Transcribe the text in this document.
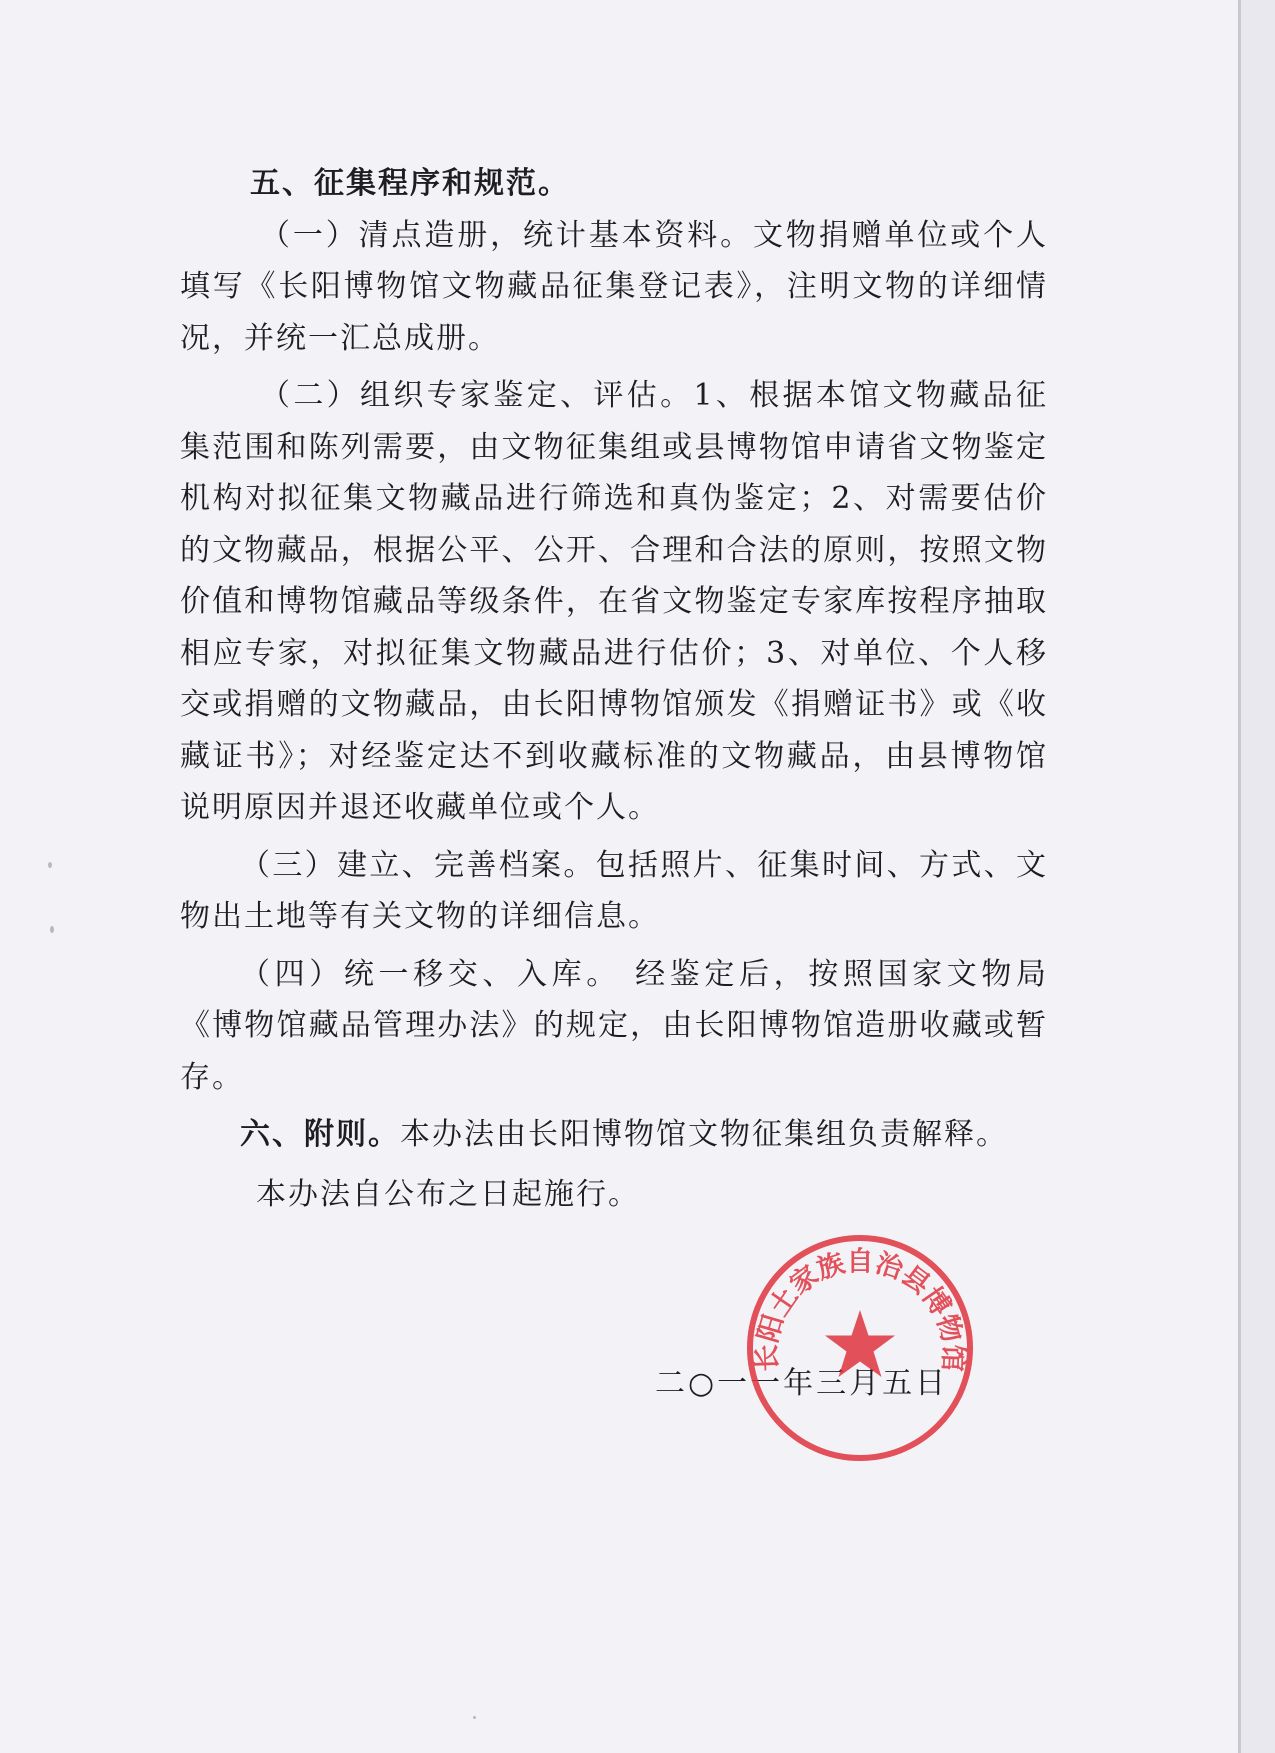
五、征集程序和规范。

（一）清点造册，统计基本资料。文物捐赠单位或个人填写《长阳博物馆文物藏品征集登记表》，注明文物的详细情况，并统一汇总成册。

（二）组织专家鉴定、评估。1、根据本馆文物藏品征集范围和陈列需要，由文物征集组或县博物馆申请省文物鉴定机构对拟征集文物藏品进行筛选和真伪鉴定；2、对需要估价的文物藏品，根据公平、公开、合理和合法的原则，按照文物价值和博物馆藏品等级条件，在省文物鉴定专家库按程序抽取相应专家，对拟征集文物藏品进行估价；3、对单位、个人移交或捐赠的文物藏品，由长阳博物馆颁发《捐赠证书》或《收藏证书》；对经鉴定达不到收藏标准的文物藏品，由县博物馆说明原因并退还收藏单位或个人。

（三）建立、完善档案。包括照片、征集时间、方式、文物出土地等有关文物的详细信息。

（四）统一移交、入库。 经鉴定后，按照国家文物局《博物馆藏品管理办法》的规定，由长阳博物馆造册收藏或暂存。

六、附则。本办法由长阳博物馆文物征集组负责解释。

本办法自公布之日起施行。

二○一一年三月五日
长阳土家族自治县博物馆
